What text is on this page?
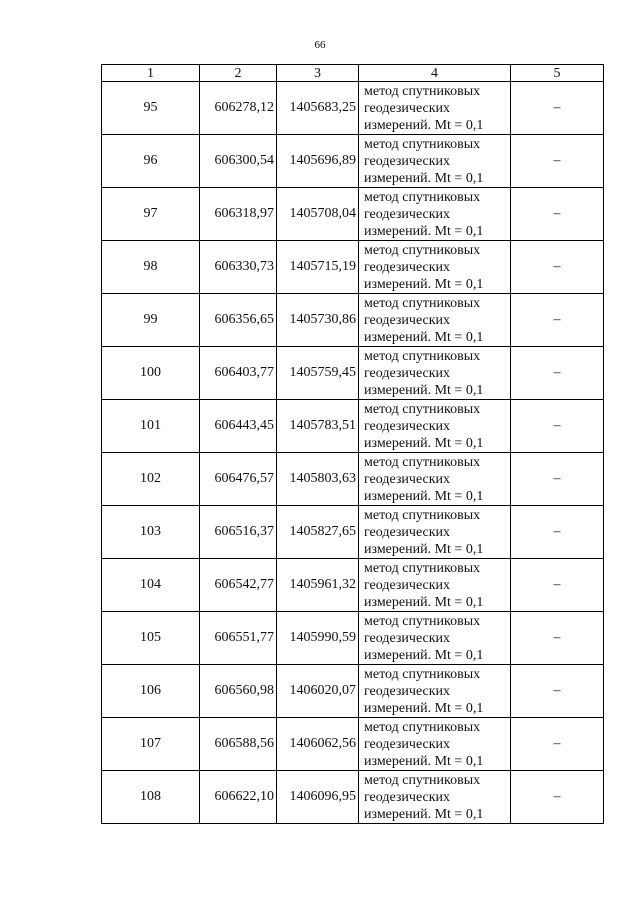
66
1	2	3	4	5
95	606278,12	1405683,25	метод спутниковых
геодезических
измерений. Mt = 0,1	–
96	606300,54	1405696,89	метод спутниковых
геодезических
измерений. Mt = 0,1	–
97	606318,97	1405708,04	метод спутниковых
геодезических
измерений. Mt = 0,1	–
98	606330,73	1405715,19	метод спутниковых
геодезических
измерений. Mt = 0,1	–
99	606356,65	1405730,86	метод спутниковых
геодезических
измерений. Mt = 0,1	–
100	606403,77	1405759,45	метод спутниковых
геодезических
измерений. Mt = 0,1	–
101	606443,45	1405783,51	метод спутниковых
геодезических
измерений. Mt = 0,1	–
102	606476,57	1405803,63	метод спутниковых
геодезических
измерений. Mt = 0,1	–
103	606516,37	1405827,65	метод спутниковых
геодезических
измерений. Mt = 0,1	–
104	606542,77	1405961,32	метод спутниковых
геодезических
измерений. Mt = 0,1	–
105	606551,77	1405990,59	метод спутниковых
геодезических
измерений. Mt = 0,1	–
106	606560,98	1406020,07	метод спутниковых
геодезических
измерений. Mt = 0,1	–
107	606588,56	1406062,56	метод спутниковых
геодезических
измерений. Mt = 0,1	–
108	606622,10	1406096,95	метод спутниковых
геодезических
измерений. Mt = 0,1	–
